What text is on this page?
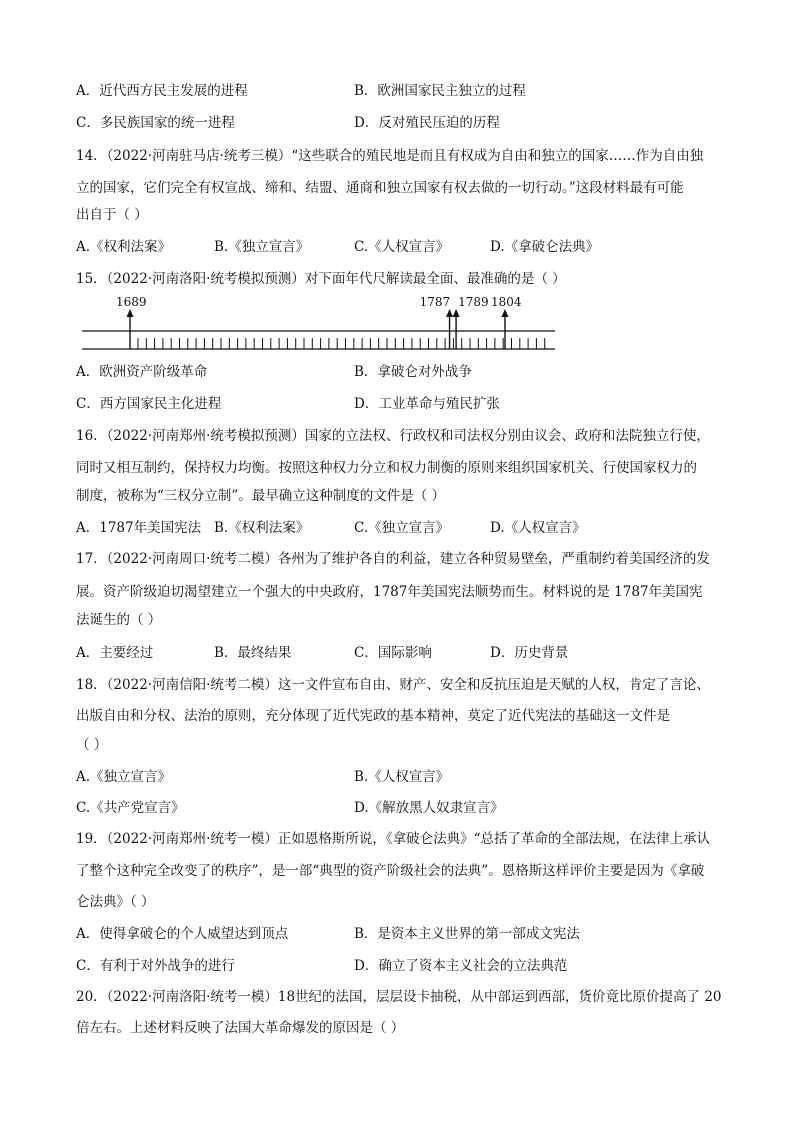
A．近代西方民主发展的进程	B．欧洲国家民主独立的过程
C．多民族国家的统一进程	D．反对殖民压迫的历程
14．（2022·河南驻马店·统考三模）“这些联合的殖民地是而且有权成为自由和独立的国家……作为自由独
立的国家，它们完全有权宣战、缔和、结盟、通商和独立国家有权去做的一切行动。”这段材料最有可能
出自于（ ）
A.《权利法案》	B.《独立宣言》	C.《人权宣言》	D.《拿破仑法典》
15．（2022·河南洛阳·统考模拟预测）对下面年代尺解读最全面、最准确的是（ ）
1689	1787 1789 1804
A．欧洲资产阶级革命	B．拿破仑对外战争
C．西方国家民主化进程	D．工业革命与殖民扩张
16．（2022·河南郑州·统考模拟预测）国家的立法权、行政权和司法权分别由议会、政府和法院独立行使，
同时又相互制约，保持权力均衡。按照这种权力分立和权力制衡的原则来组织国家机关、行使国家权力的
制度，被称为“三权分立制”。最早确立这种制度的文件是（ ）
A．1787年美国宪法 B.《权利法案》	C.《独立宣言》	D.《人权宣言》
17．（2022·河南周口·统考二模）各州为了维护各自的利益，建立各种贸易壁垒，严重制约着美国经济的发
展。资产阶级迫切渴望建立一个强大的中央政府，1787年美国宪法顺势而生。材料说的是 1787年美国宪
法诞生的（ ）
A．主要经过	B．最终结果	C．国际影响	D．历史背景
18．（2022·河南信阳·统考二模）这一文件宣布自由、财产、安全和反抗压迫是天赋的人权，肯定了言论、
出版自由和分权、法治的原则，充分体现了近代宪政的基本精神，莫定了近代宪法的基础这一文件是
（ ）
A.《独立宣言》	B.《人权宣言》
C.《共产党宣言》	D.《解放黑人奴隶宣言》
19．（2022·河南郑州·统考一模）正如恩格斯所说，《拿破仑法典》“总括了革命的全部法规，在法律上承认
了整个这种完全改变了的秩序”，是一部“典型的资产阶级社会的法典”。恩格斯这样评价主要是因为《拿破
仑法典》（ ）
A．使得拿破仑的个人威望达到顶点	B．是资本主义世界的第一部成文宪法
C．有利于对外战争的进行	D．确立了资本主义社会的立法典范
20．（2022·河南洛阳·统考一模）18世纪的法国，层层设卡抽税，从中部运到西部，货价竟比原价提高了 20
倍左右。上述材料反映了法国大革命爆发的原因是（ ）
